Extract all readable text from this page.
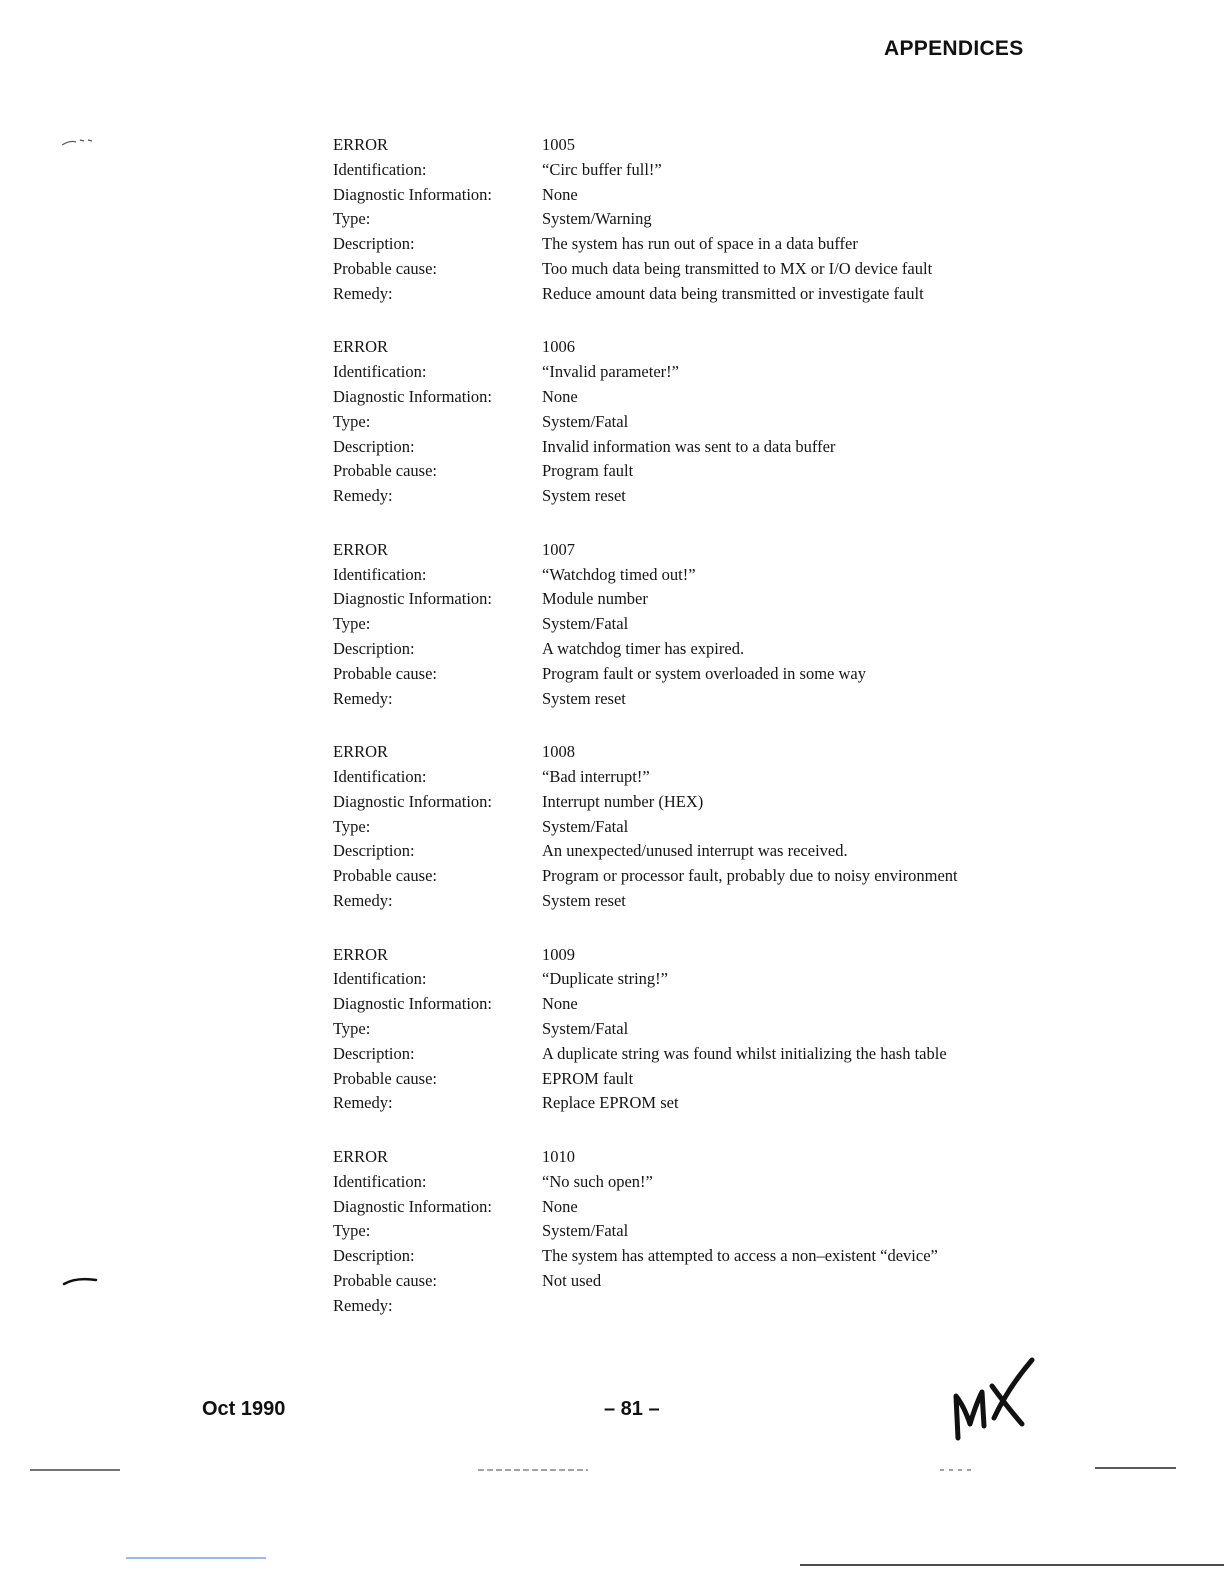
APPENDICES
ERROR	1005
Identification:	“Circ buffer full!”
Diagnostic Information:	None
Type:	System/Warning
Description:	The system has run out of space in a data buffer
Probable cause:	Too much data being transmitted to MX or I/O device fault
Remedy:	Reduce amount data being transmitted or investigate fault
ERROR	1006
Identification:	“Invalid parameter!”
Diagnostic Information:	None
Type:	System/Fatal
Description:	Invalid information was sent to a data buffer
Probable cause:	Program fault
Remedy:	System reset
ERROR	1007
Identification:	“Watchdog timed out!”
Diagnostic Information:	Module number
Type:	System/Fatal
Description:	A watchdog timer has expired.
Probable cause:	Program fault or system overloaded in some way
Remedy:	System reset
ERROR	1008
Identification:	“Bad interrupt!”
Diagnostic Information:	Interrupt number (HEX)
Type:	System/Fatal
Description:	An unexpected/unused interrupt was received.
Probable cause:	Program or processor fault, probably due to noisy environment
Remedy:	System reset
ERROR	1009
Identification:	“Duplicate string!”
Diagnostic Information:	None
Type:	System/Fatal
Description:	A duplicate string was found whilst initializing the hash table
Probable cause:	EPROM fault
Remedy:	Replace EPROM set
ERROR	1010
Identification:	“No such open!”
Diagnostic Information:	None
Type:	System/Fatal
Description:	The system has attempted to access a non–existent “device”
Probable cause:	Not used
Remedy:
Oct 1990	– 81 –
